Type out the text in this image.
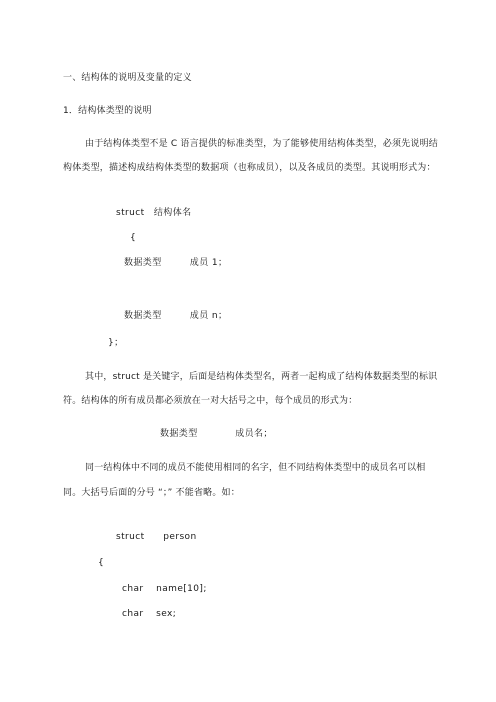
一、结构体的说明及变量的定义
1．结构体类型的说明
由于结构体类型不是 C 语言提供的标准类型，为了能够使用结构体类型，必须先说明结
构体类型，描述构成结构体类型的数据项（也称成员），以及各成员的类型。其说明形式为：
struct　结构体名
{
数据类型　　　成员 1；
数据类型　　　成员 n；
}；
其中，struct 是关键字，后面是结构体类型名，两者一起构成了结构体数据类型的标识
符。结构体的所有成员都必须放在一对大括号之中，每个成员的形式为：
数据类型　　　　成员名；
同一结构体中不同的成员不能使用相同的名字，但不同结构体类型中的成员名可以相
同。大括号后面的分号 “；” 不能省略。如：
struct　　person
{
char　 name[10];
char　 sex;
